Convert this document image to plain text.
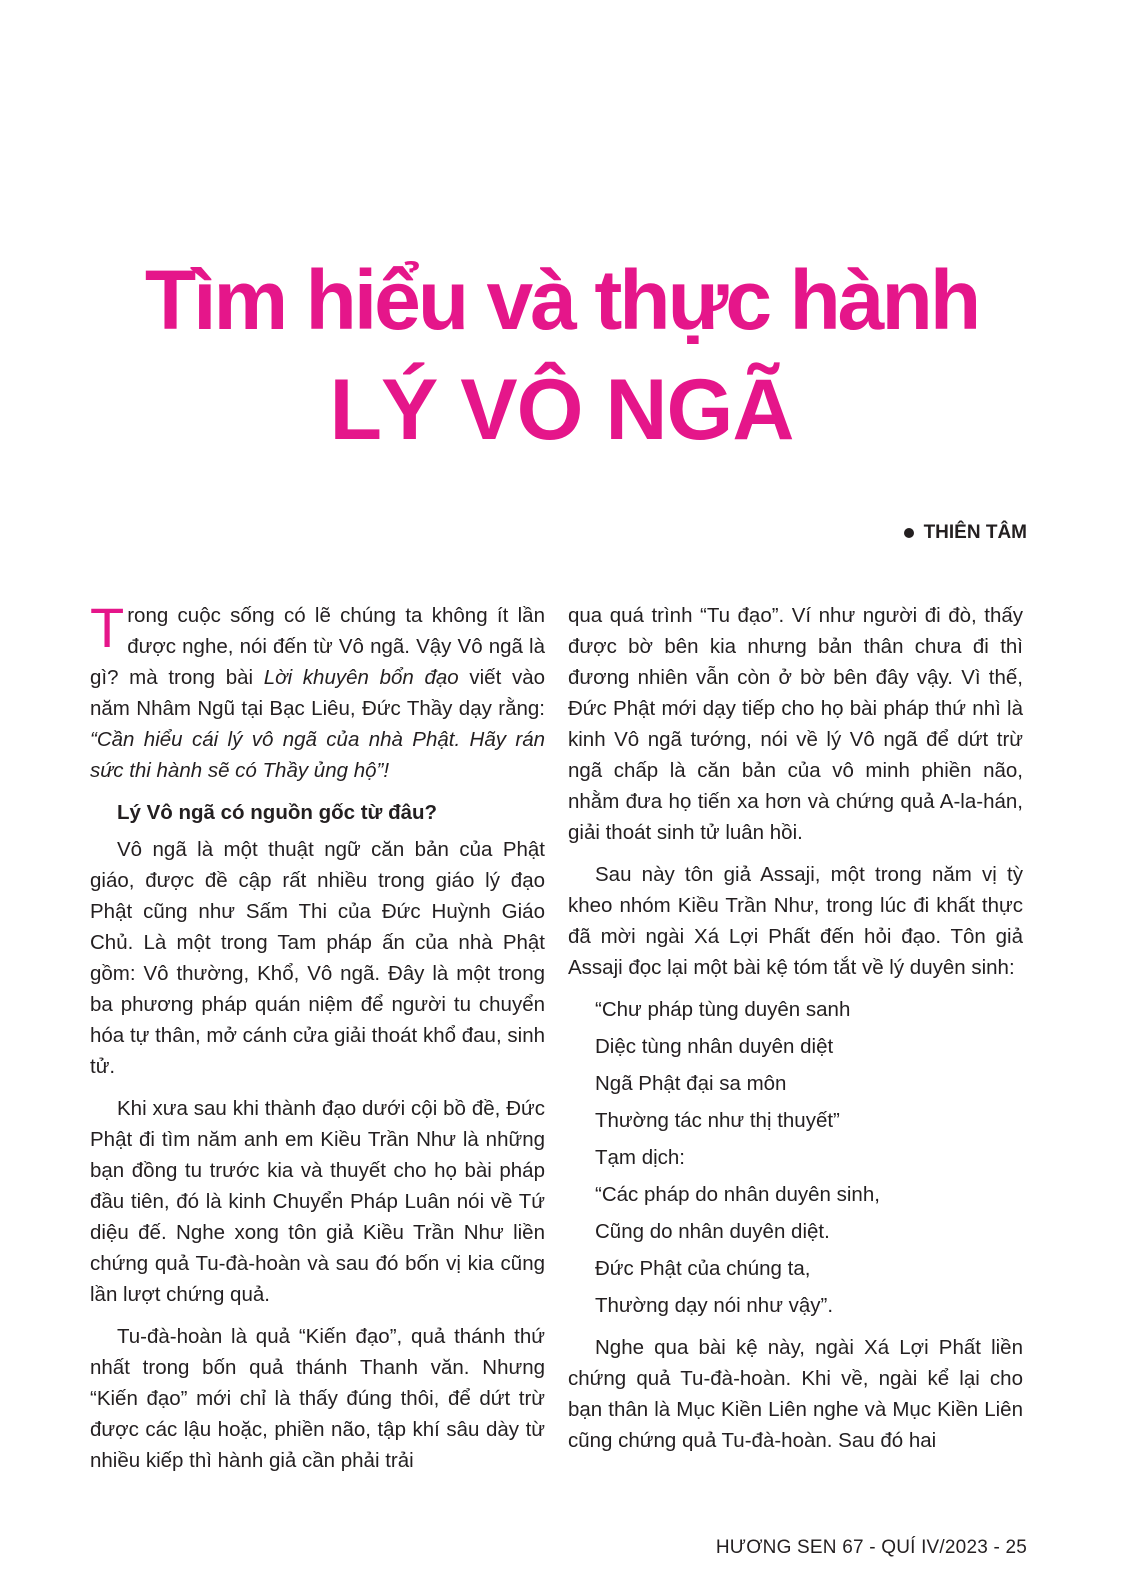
Tìm hiểu và thực hành
LÝ VÔ NGÃ
THIÊN TÂM

Trong cuộc sống có lẽ chúng ta không ít lần được nghe, nói đến từ Vô ngã. Vậy Vô ngã là gì? mà trong bài Lời khuyên bổn đạo viết vào năm Nhâm Ngũ tại Bạc Liêu, Đức Thầy dạy rằng: “Cần hiểu cái lý vô ngã của nhà Phật. Hãy rán sức thi hành sẽ có Thầy ủng hộ”!

Lý Vô ngã có nguồn gốc từ đâu?

Vô ngã là một thuật ngữ căn bản của Phật giáo, được đề cập rất nhiều trong giáo lý đạo Phật cũng như Sấm Thi của Đức Huỳnh Giáo Chủ. Là một trong Tam pháp ấn của nhà Phật gồm: Vô thường, Khổ, Vô ngã. Đây là một trong ba phương pháp quán niệm để người tu chuyển hóa tự thân, mở cánh cửa giải thoát khổ đau, sinh tử.

Khi xưa sau khi thành đạo dưới cội bồ đề, Đức Phật đi tìm năm anh em Kiều Trần Như là những bạn đồng tu trước kia và thuyết cho họ bài pháp đầu tiên, đó là kinh Chuyển Pháp Luân nói về Tứ diệu đế. Nghe xong tôn giả Kiều Trần Như liền chứng quả Tu-đà-hoàn và sau đó bốn vị kia cũng lần lượt chứng quả.

Tu-đà-hoàn là quả “Kiến đạo”, quả thánh thứ nhất trong bốn quả thánh Thanh văn. Nhưng “Kiến đạo” mới chỉ là thấy đúng thôi, để dứt trừ được các lậu hoặc, phiền não, tập khí sâu dày từ nhiều kiếp thì hành giả cần phải trải

qua quá trình “Tu đạo”. Ví như người đi đò, thấy được bờ bên kia nhưng bản thân chưa đi thì đương nhiên vẫn còn ở bờ bên đây vậy. Vì thế, Đức Phật mới dạy tiếp cho họ bài pháp thứ nhì là kinh Vô ngã tướng, nói về lý Vô ngã để dứt trừ ngã chấp là căn bản của vô minh phiền não, nhằm đưa họ tiến xa hơn và chứng quả A-la-hán, giải thoát sinh tử luân hồi.

Sau này tôn giả Assaji, một trong năm vị tỳ kheo nhóm Kiều Trần Như, trong lúc đi khất thực đã mời ngài Xá Lợi Phất đến hỏi đạo. Tôn giả Assaji đọc lại một bài kệ tóm tắt về lý duyên sinh:

“Chư pháp tùng duyên sanh

Diệc tùng nhân duyên diệt

Ngã Phật đại sa môn

Thường tác như thị thuyết”

Tạm dịch:

“Các pháp do nhân duyên sinh,

Cũng do nhân duyên diệt.

Đức Phật của chúng ta,

Thường dạy nói như vậy”.

Nghe qua bài kệ này, ngài Xá Lợi Phất liền chứng quả Tu-đà-hoàn. Khi về, ngài kể lại cho bạn thân là Mục Kiền Liên nghe và Mục Kiền Liên cũng chứng quả Tu-đà-hoàn. Sau đó hai

HƯƠNG SEN 67 - QUÍ IV/2023 - 25
